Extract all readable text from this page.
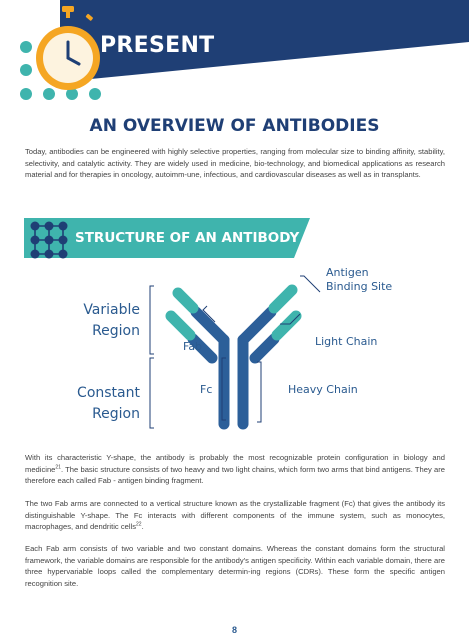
PRESENT
AN OVERVIEW OF ANTIBODIES

Today, antibodies can be engineered with highly selective properties, ranging from molecular size to binding affinity, stability, selectivity, and catalytic activity. They are widely used in medicine, bio-technology, and biomedical applications as research material and for therapies in oncology, autoimm-une, infectious, and cardiovascular diseases as well as in transplants.

STRUCTURE OF AN ANTIBODY
Variable
Region
Constant
Region
Antigen
Binding Site
Fab	Light Chain
Fc	Heavy Chain

With its characteristic Y-shape, the antibody is probably the most recognizable protein configuration in biology and medicine$^{21}$. The basic structure consists of two heavy and two light chains, which form two arms that bind antigens. They are therefore each called Fab - antigen binding fragment.

The two Fab arms are connected to a vertical structure known as the crystallizable fragment (Fc) that gives the antibody its distinguishable Y-shape. The Fc interacts with different components of the immune system, such as monocytes, macrophages, and dendritic cells$^{22}$.

Each Fab arm consists of two variable and two constant domains. Whereas the constant domains form the structural framework, the variable domains are responsible for the antibody's antigen specificity. Within each variable domain, there are three hypervariable loops called the complementary determin-ing regions (CDRs). These form the specific antigen recognition site.

8
